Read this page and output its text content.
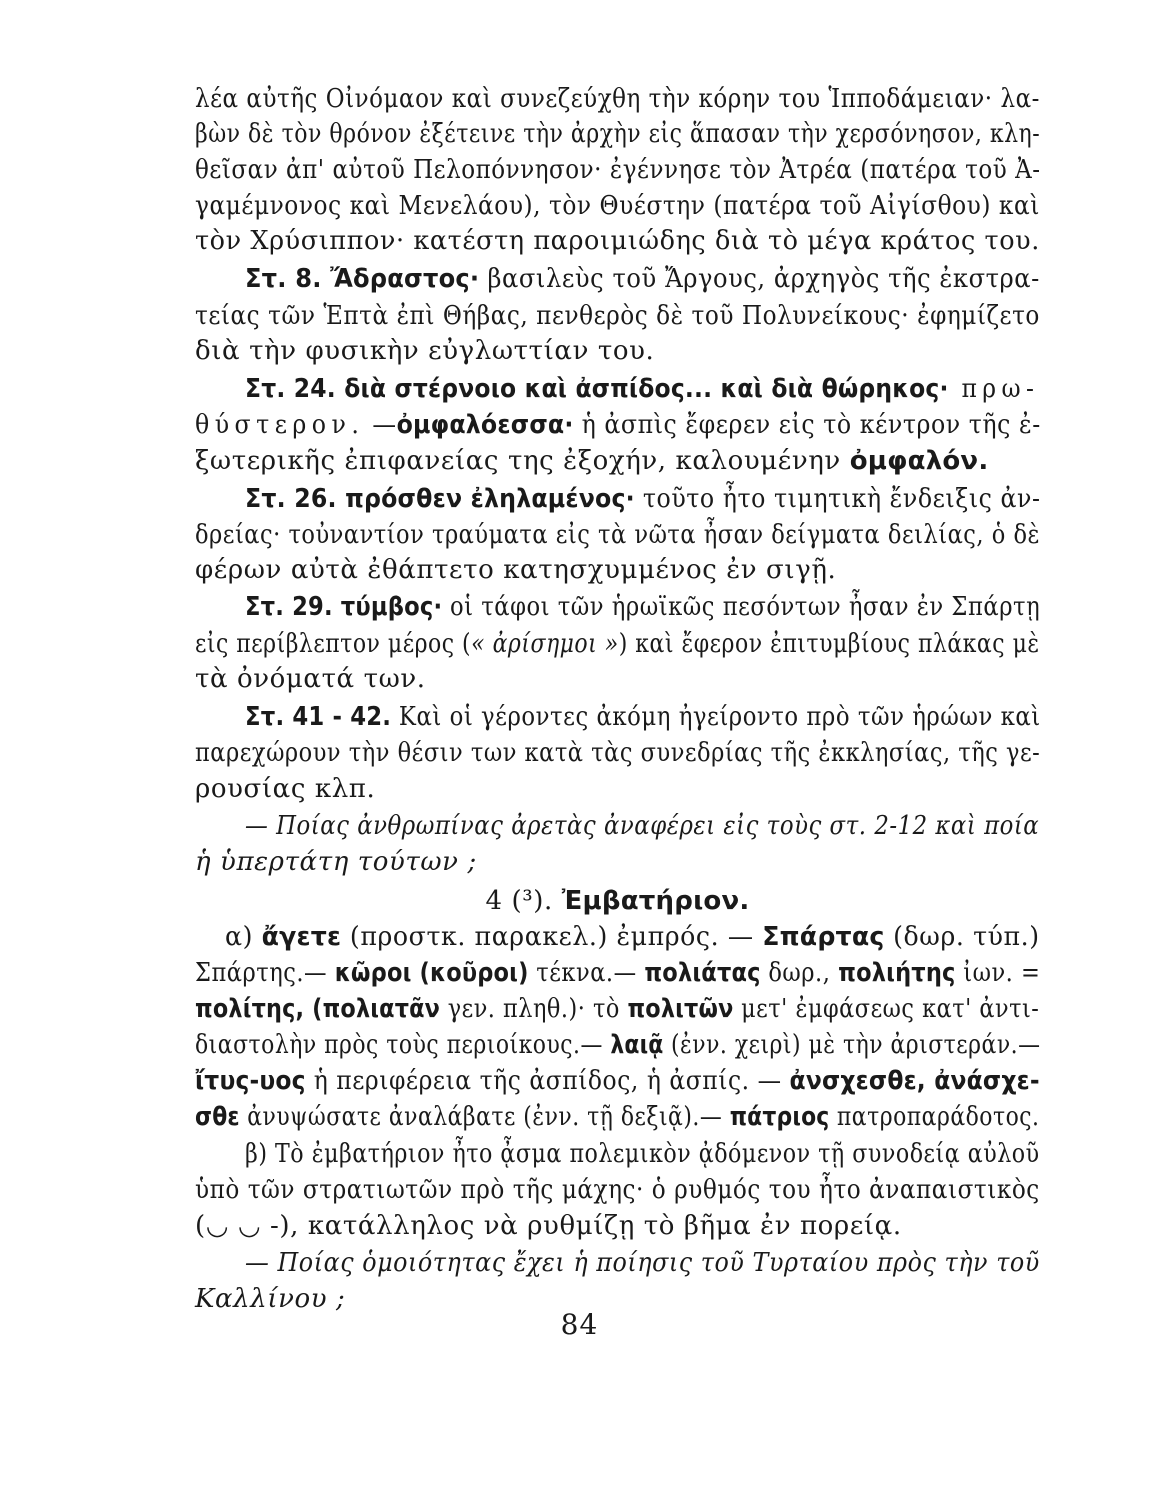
λέα αὐτῆς Οἰνόμαον καὶ συνεζεύχθη τὴν κόρην του Ἱπποδάμειαν· λα-
βὼν δὲ τὸν θρόνον ἐξέτεινε τὴν ἀρχὴν εἰς ἅπασαν τὴν χερσόνησον, κλη-
θεῖσαν ἀπ' αὐτοῦ Πελοπόννησον· ἐγέννησε τὸν Ἀτρέα (πατέρα τοῦ Ἀ-
γαμέμνονος καὶ Μενελάου), τὸν Θυέστην (πατέρα τοῦ Αἰγίσθου) καὶ
τὸν Χρύσιππον· κατέστη παροιμιώδης διὰ τὸ μέγα κράτος του.
Στ. 8. Ἄδραστος· βασιλεὺς τοῦ Ἄργους, ἀρχηγὸς τῆς ἐκστρα-
τείας τῶν Ἑπτὰ ἐπὶ Θήβας, πενθερὸς δὲ τοῦ Πολυνείκους· ἐφημίζετο
διὰ τὴν φυσικὴν εὐγλωττίαν του.
Στ. 24. διὰ στέρνοιο καὶ ἀσπίδος... καὶ διὰ θώρηκος· πρω-
θύστερον. —ὀμφαλόεσσα· ἡ ἀσπὶς ἔφερεν εἰς τὸ κέντρον τῆς ἐ-
ξωτερικῆς ἐπιφανείας της ἐξοχήν, καλουμένην ὀμφαλόν.
Στ. 26. πρόσθεν ἐληλαμένος· τοῦτο ἦτο τιμητικὴ ἔνδειξις ἀν-
δρείας· τοὐναντίον τραύματα εἰς τὰ νῶτα ἦσαν δείγματα δειλίας, ὁ δὲ
φέρων αὐτὰ ἐθάπτετο κατησχυμμένος ἐν σιγῇ.
Στ. 29. τύμβος· οἱ τάφοι τῶν ἡρωϊκῶς πεσόντων ἦσαν ἐν Σπάρτῃ
εἰς περίβλεπτον μέρος (« ἀρίσημοι ») καὶ ἔφερον ἐπιτυμβίους πλάκας μὲ
τὰ ὀνόματά των.
Στ. 41 - 42. Καὶ οἱ γέροντες ἀκόμη ἠγείροντο πρὸ τῶν ἡρώων καὶ
παρεχώρουν τὴν θέσιν των κατὰ τὰς συνεδρίας τῆς ἐκκλησίας, τῆς γε-
ρουσίας κλπ.
— Ποίας ἀνθρωπίνας ἀρετὰς ἀναφέρει εἰς τοὺς στ. 2-12 καὶ ποία
ἡ ὑπερτάτη τούτων ;
4 (³). Ἐμβατήριον.
α) ἄγετε (προστκ. παρακελ.) ἐμπρός. — Σπάρτας (δωρ. τύπ.)
Σπάρτης.— κῶροι (κοῦροι) τέκνα.— πολιάτας δωρ., πολιήτης ἰων. =
πολίτης, (πολιατᾶν γεν. πληθ.)· τὸ πολιτῶν μετ' ἐμφάσεως κατ' ἀντι-
διαστολὴν πρὸς τοὺς περιοίκους.— λαιᾷ (ἐνν. χειρὶ) μὲ τὴν ἀριστεράν.—
ἴτυς-υος ἡ περιφέρεια τῆς ἀσπίδος, ἡ ἀσπίς. — ἀνσχεσθε, ἀνάσχε-
σθε ἀνυψώσατε ἀναλάβατε (ἐνν. τῇ δεξιᾷ).— πάτριος πατροπαράδοτος.
β) Τὸ ἐμβατήριον ἦτο ᾆσμα πολεμικὸν ᾀδόμενον τῇ συνοδείᾳ αὐλοῦ
ὑπὸ τῶν στρατιωτῶν πρὸ τῆς μάχης· ὁ ρυθμός του ἦτο ἀναπαιστικὸς
(◡ ◡ -), κατάλληλος νὰ ρυθμίζῃ τὸ βῆμα ἐν πορείᾳ.
— Ποίας ὁμοιότητας ἔχει ἡ ποίησις τοῦ Τυρταίου πρὸς τὴν τοῦ
Καλλίνου ;
84
